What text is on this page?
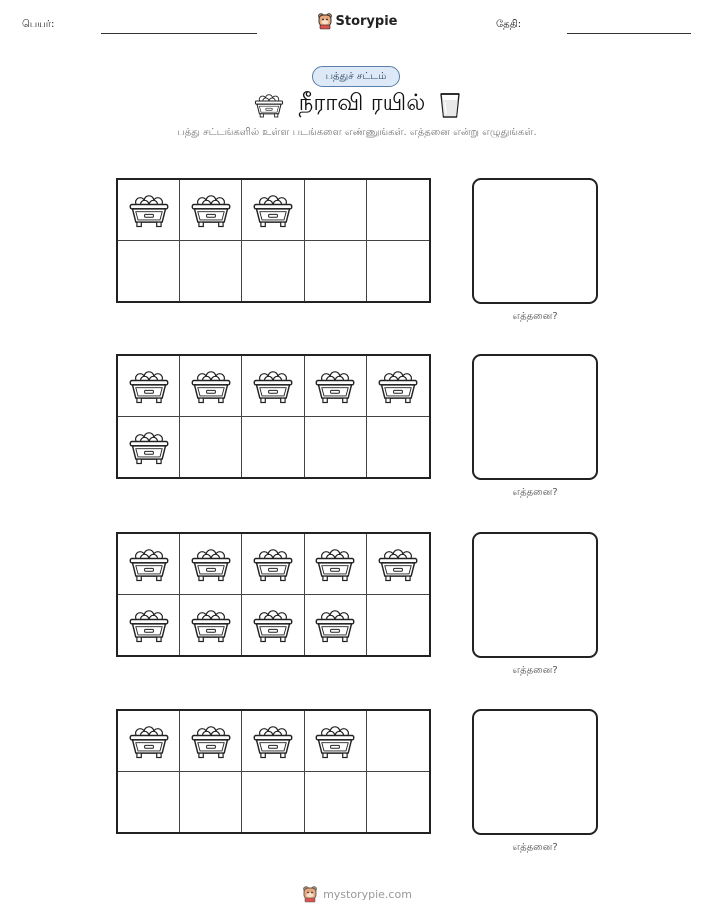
பெயர்:	Storypie	தேதி:
பத்துச் சட்டம்
நீராவி ரயில்
பத்து சட்டங்களில் உள்ள படங்களை எண்ணுங்கள். எத்தனை என்று எழுதுங்கள்.
எத்தனை?
எத்தனை?
எத்தனை?
எத்தனை?
mystorypie.com
